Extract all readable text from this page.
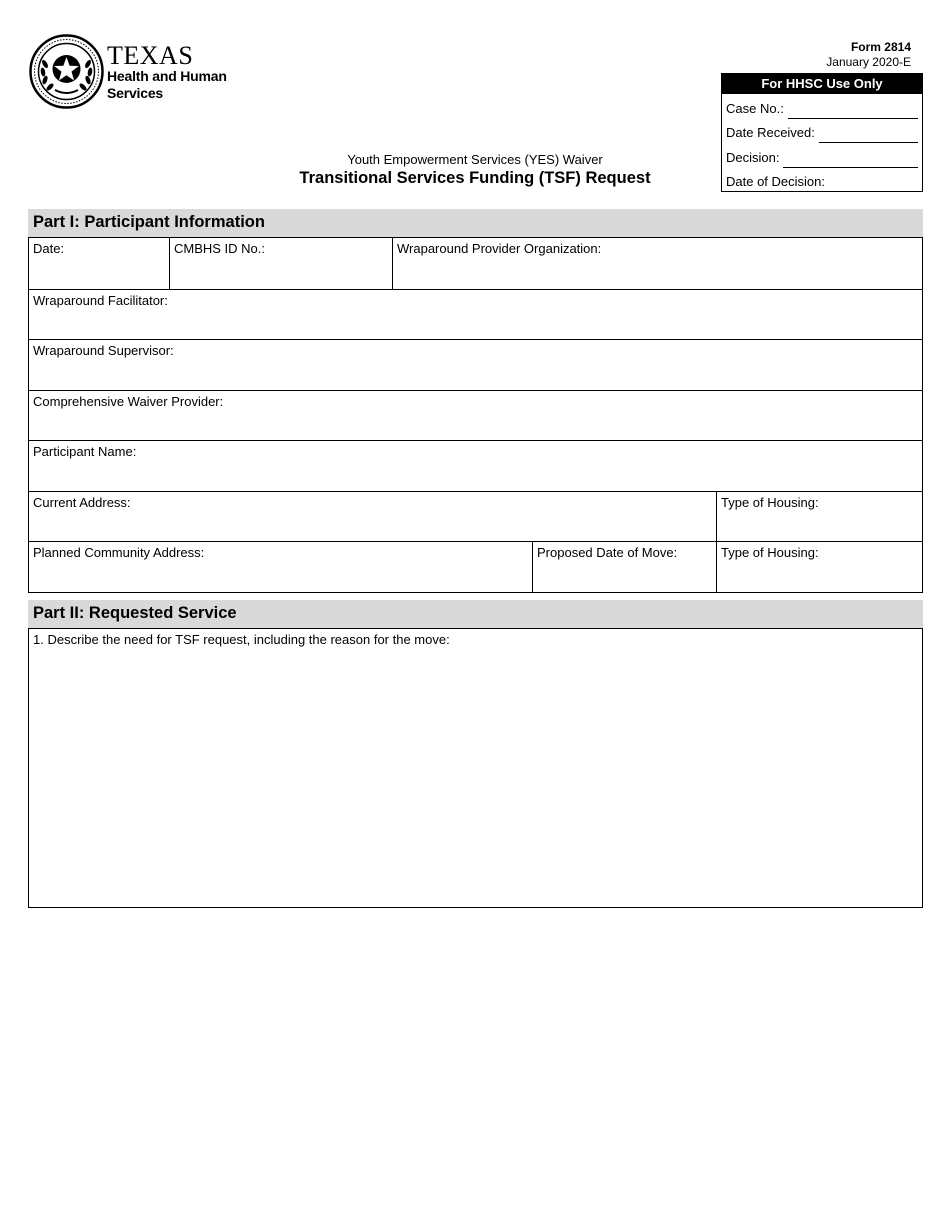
TEXAS
Health and Human
Services
Form 2814
January 2020-E
For HHSC Use Only
Case No.:
Date Received:
Decision:
Date of Decision:
Youth Empowerment Services (YES) Waiver
Transitional Services Funding (TSF) Request
Part I: Participant Information
Date:	CMBHS ID No.:	Wraparound Provider Organization:
Wraparound Facilitator:
Wraparound Supervisor:
Comprehensive Waiver Provider:
Participant Name:
Current Address:	Type of Housing:
Planned Community Address:	Proposed Date of Move:	Type of Housing:
Part II: Requested Service
1. Describe the need for TSF request, including the reason for the move:
